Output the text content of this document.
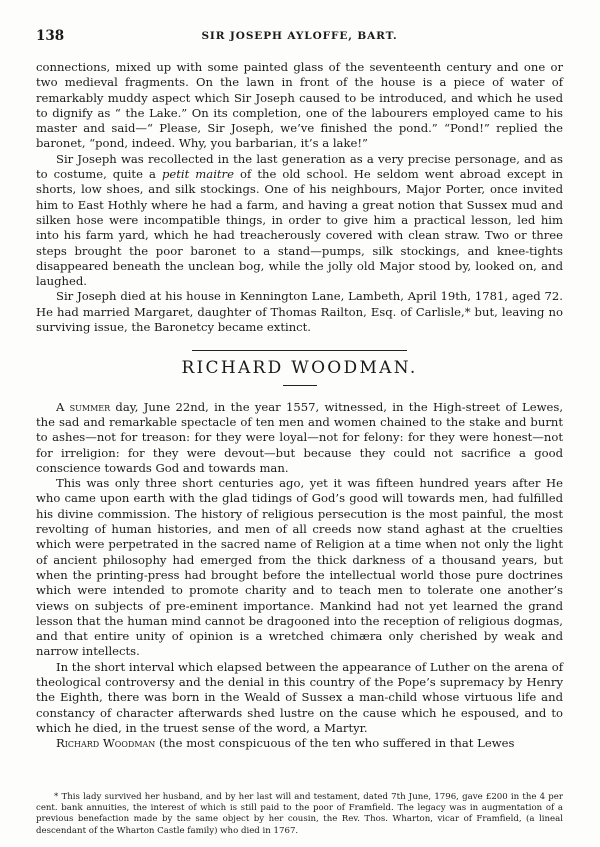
138	SIR JOSEPH AYLOFFE, BART.

connections, mixed up with some painted glass of the seventeenth century and one or two medieval fragments. On the lawn in front of the house is a piece of water of remarkably muddy aspect which Sir Joseph caused to be introduced, and which he used to dignify as “ the Lake.” On its completion, one of the labourers employed came to his master and said—“ Please, Sir Joseph, we’ve finished the pond.” “Pond!” replied the baronet, “pond, indeed. Why, you barbarian, it’s a lake!”

Sir Joseph was recollected in the last generation as a very precise personage, and as to costume, quite a petit maitre of the old school. He seldom went abroad except in shorts, low shoes, and silk stockings. One of his neighbours, Major Porter, once invited him to East Hothly where he had a farm, and having a great notion that Sussex mud and silken hose were incompatible things, in order to give him a practical lesson, led him into his farm yard, which he had treacherously covered with clean straw. Two or three steps brought the poor baronet to a stand—pumps, silk stockings, and knee-tights disappeared beneath the unclean bog, while the jolly old Major stood by, looked on, and laughed.

Sir Joseph died at his house in Kennington Lane, Lambeth, April 19th, 1781, aged 72. He had married Margaret, daughter of Thomas Railton, Esq. of Carlisle,* but, leaving no surviving issue, the Baronetcy became extinct.

RICHARD WOODMAN.

A summer day, June 22nd, in the year 1557, witnessed, in the High-street of Lewes, the sad and remarkable spectacle of ten men and women chained to the stake and burnt to ashes—not for treason: for they were loyal—not for felony: for they were honest—not for irreligion: for they were devout—but because they could not sacrifice a good conscience towards God and towards man.

This was only three short centuries ago, yet it was fifteen hundred years after He who came upon earth with the glad tidings of God’s good will towards men, had fulfilled his divine commission. The history of religious persecution is the most painful, the most revolting of human histories, and men of all creeds now stand aghast at the cruelties which were perpetrated in the sacred name of Religion at a time when not only the light of ancient philosophy had emerged from the thick darkness of a thousand years, but when the printing-press had brought before the intellectual world those pure doctrines which were intended to promote charity and to teach men to tolerate one another’s views on subjects of pre-eminent importance. Mankind had not yet learned the grand lesson that the human mind cannot be dragooned into the reception of religious dogmas, and that entire unity of opinion is a wretched chimæra only cherished by weak and narrow intellects.

In the short interval which elapsed between the appearance of Luther on the arena of theological controversy and the denial in this country of the Pope’s supremacy by Henry the Eighth, there was born in the Weald of Sussex a man-child whose virtuous life and constancy of character afterwards shed lustre on the cause which he espoused, and to which he died, in the truest sense of the word, a Martyr.

Richard Woodman (the most conspicuous of the ten who suffered in that Lewes

* This lady survived her husband, and by her last will and testament, dated 7th June, 1796, gave £200 in the 4 per cent. bank annuities, the interest of which is still paid to the poor of Framfield. The legacy was in augmentation of a previous benefaction made by the same object by her cousin, the Rev. Thos. Wharton, vicar of Framfield, (a lineal descendant of the Wharton Castle family) who died in 1767.
